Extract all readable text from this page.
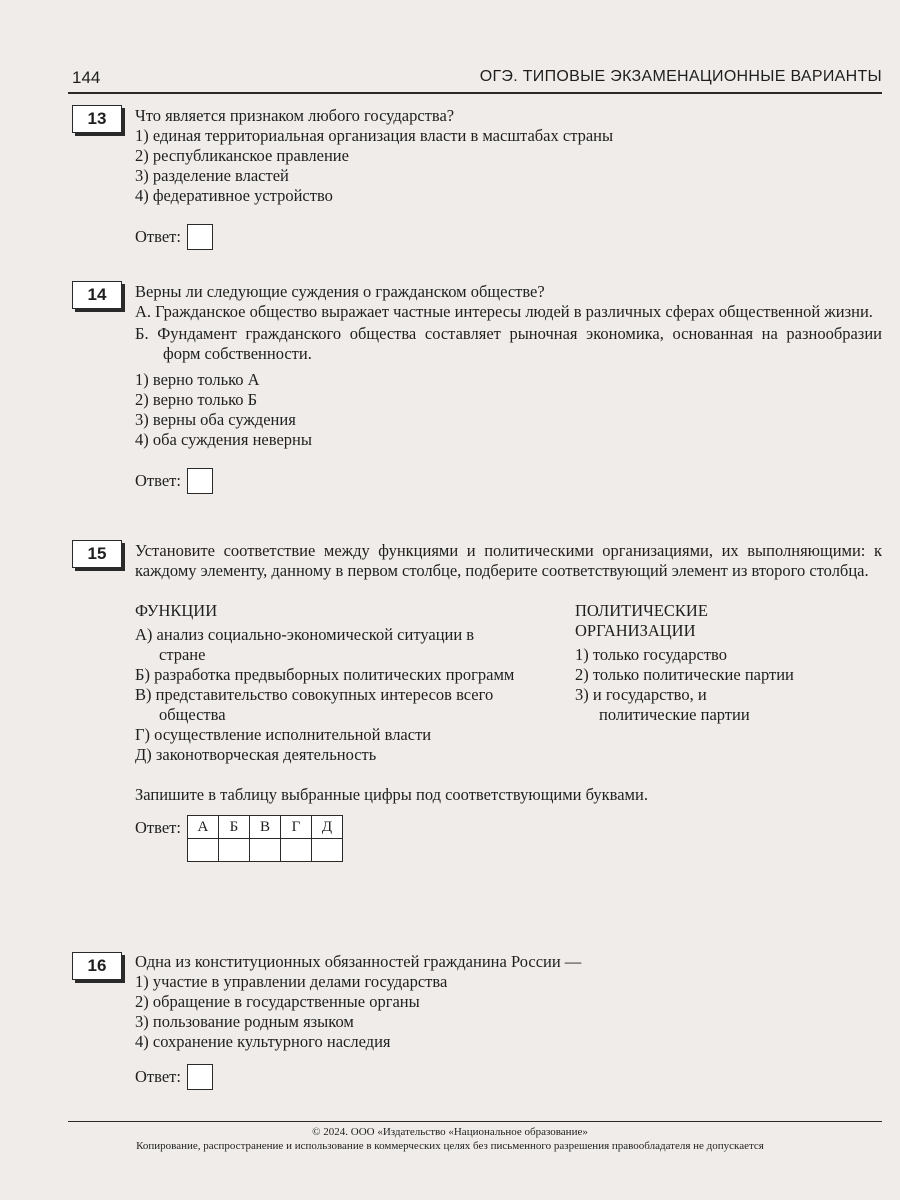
144	ОГЭ. ТИПОВЫЕ ЭКЗАМЕНАЦИОННЫЕ ВАРИАНТЫ
13	Что является признаком любого государства?

1) единая территориальная организация власти в масштабах страны

2) республиканское правление

3) разделение властей

4) федеративное устройство

Ответ:
14	Верны ли следующие суждения о гражданском обществе?

А. Гражданское общество выражает частные интересы людей в различных сферах общественной жизни.

Б. Фундамент гражданского общества составляет рыночная экономика, основанная на разнообразии форм собственности.

1) верно только А

2) верно только Б

3) верны оба суждения

4) оба суждения неверны

Ответ:
15	Установите соответствие между функциями и политическими организациями, их выполняющими: к каждому элементу, данному в первом столбце, подберите соответствующий элемент из второго столбца.

ФУНКЦИИ
А) анализ социально-экономической ситуации в стране
Б) разработка предвыборных политических программ
В) представительство совокупных интересов всего общества
Г) осуществление исполнительной власти
Д) законотворческая деятельность
ПОЛИТИЧЕСКИЕ ОРГАНИЗАЦИИ
1) только государство
2) только политические партии
3) и государство, и политические партии

Запишите в таблицу выбранные цифры под соответствующими буквами.

Ответ: А	Б	В	Г	Д

16	Одна из конституционных обязанностей гражданина России —

1) участие в управлении делами государства

2) обращение в государственные органы

3) пользование родным языком

4) сохранение культурного наследия

Ответ:
© 2024. ООО «Издательство «Национальное образование»
Копирование, распространение и использование в коммерческих целях без письменного разрешения правообладателя не допускается
